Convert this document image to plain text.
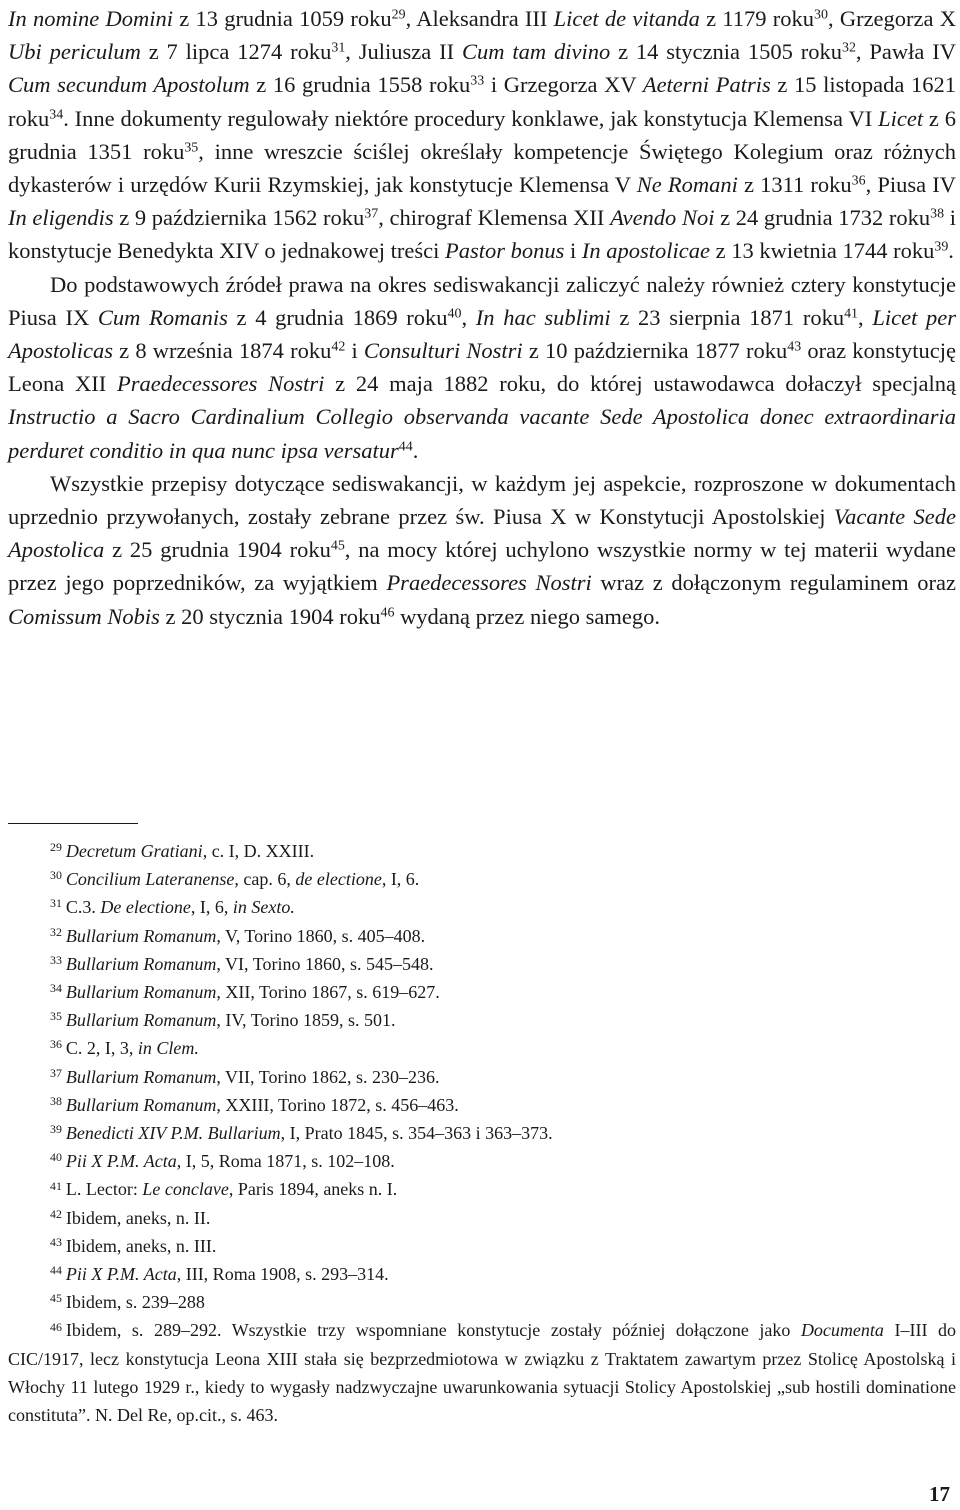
In nomine Domini z 13 grudnia 1059 roku$^{29}$, Aleksandra III Licet de vitanda z 1179 roku$^{30}$, Grzegorza X Ubi periculum z 7 lipca 1274 roku$^{31}$, Juliusza II Cum tam divino z 14 stycznia 1505 roku$^{32}$, Pawła IV Cum secundum Apostolum z 16 grudnia 1558 roku$^{33}$ i Grzegorza XV Aeterni Patris z 15 listopada 1621 roku$^{34}$. Inne dokumenty regulowały niektóre procedury konklawe, jak konstytucja Klemensa VI Licet z 6 grudnia 1351 roku$^{35}$, inne wreszcie ściślej określały kompetencje Świętego Kolegium oraz różnych dykasterów i urzędów Kurii Rzymskiej, jak konstytucje Klemensa V Ne Romani z 1311 roku$^{36}$, Piusa IV In eligendis z 9 października 1562 roku$^{37}$, chirograf Klemensa XII Avendo Noi z 24 grudnia 1732 roku$^{38}$ i konstytucje Benedykta XIV o jednakowej treści Pastor bonus i In apostolicae z 13 kwietnia 1744 roku$^{39}$.

Do podstawowych źródeł prawa na okres sediswakancji zaliczyć należy również cztery konstytucje Piusa IX Cum Romanis z 4 grudnia 1869 roku$^{40}$, In hac sublimi z 23 sierpnia 1871 roku$^{41}$, Licet per Apostolicas z 8 września 1874 roku$^{42}$ i Consulturi Nostri z 10 października 1877 roku$^{43}$ oraz konstytucję Leona XII Praedecessores Nostri z 24 maja 1882 roku, do której ustawodawca dołaczył specjalną Instructio a Sacro Cardinalium Collegio observanda vacante Sede Apostolica donec extraordinaria perduret conditio in qua nunc ipsa versatur$^{44}$.

Wszystkie przepisy dotyczące sediswakancji, w każdym jej aspekcie, rozproszone w dokumentach uprzednio przywołanych, zostały zebrane przez św. Piusa X w Konstytucji Apostolskiej Vacante Sede Apostolica z 25 grudnia 1904 roku$^{45}$, na mocy której uchylono wszystkie normy w tej materii wydane przez jego poprzedników, za wyjątkiem Praedecessores Nostri wraz z dołączonym regulaminem oraz Comissum Nobis z 20 stycznia 1904 roku$^{46}$ wydaną przez niego samego.

$^{29}$ Decretum Gratiani, c. I, D. XXIII.

$^{30}$ Concilium Lateranense, cap. 6, de electione, I, 6.

$^{31}$ C.3. De electione, I, 6, in Sexto.

$^{32}$ Bullarium Romanum, V, Torino 1860, s. 405–408.

$^{33}$ Bullarium Romanum, VI, Torino 1860, s. 545–548.

$^{34}$ Bullarium Romanum, XII, Torino 1867, s. 619–627.

$^{35}$ Bullarium Romanum, IV, Torino 1859, s. 501.

$^{36}$ C. 2, I, 3, in Clem.

$^{37}$ Bullarium Romanum, VII, Torino 1862, s. 230–236.

$^{38}$ Bullarium Romanum, XXIII, Torino 1872, s. 456–463.

$^{39}$ Benedicti XIV P.M. Bullarium, I, Prato 1845, s. 354–363 i 363–373.

$^{40}$ Pii X P.M. Acta, I, 5, Roma 1871, s. 102–108.

$^{41}$ L. Lector: Le conclave, Paris 1894, aneks n. I.

$^{42}$ Ibidem, aneks, n. II.

$^{43}$ Ibidem, aneks, n. III.

$^{44}$ Pii X P.M. Acta, III, Roma 1908, s. 293–314.

$^{45}$ Ibidem, s. 239–288

$^{46}$ Ibidem, s. 289–292. Wszystkie trzy wspomniane konstytucje zostały później dołączone jako Documenta I–III do CIC/1917, lecz konstytucja Leona XIII stała się bezprzedmiotowa w związku z Traktatem zawartym przez Stolicę Apostolską i Włochy 11 lutego 1929 r., kiedy to wygasły nadzwyczajne uwarunkowania sytuacji Stolicy Apostolskiej „sub hostili dominatione constituta”. N. Del Re, op.cit., s. 463.

17
